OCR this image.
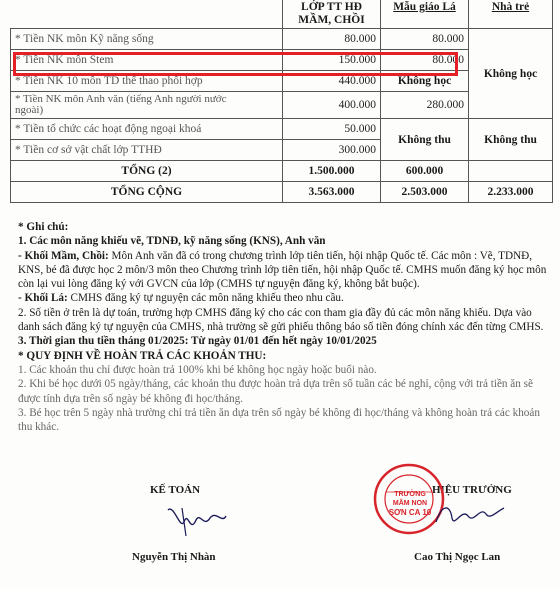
	LỚP TT HĐ
MẦM, CHỒI	Mẫu giáo Lá	Nhà trẻ
* Tiền NK môn Kỹ năng sống	80.000	80.000	Không học
* Tiền NK môn Stem	150.000	80.000	
* Tiền NK 10 môn TD thể thao phối hợp	440.000	Không học	

* Tiền NK môn Anh văn (tiếng Anh người nước
ngoài)	400.000	280.000	
* Tiền tổ chức các hoạt động ngoại khoá	50.000	Không thu	Không thu
* Tiền cơ sở vật chất lớp TTHĐ	300.000		
TỔNG (2)	1.500.000	600.000	
TỔNG CỘNG	3.563.000	2.503.000	2.233.000

* Ghi chú:

1. Các môn năng khiếu vẽ, TDNĐ, kỹ năng sống (KNS), Anh văn

- Khối Mầm, Chồi: Môn Anh văn đã có trong chương trình lớp tiên tiến, hội nhập Quốc tế. Các môn : Vẽ, TDNĐ, KNS, bé đã được học 2 môn/3 môn theo Chương trình lớp tiên tiến, hội nhập Quốc tế. CMHS muốn đăng ký học môn còn lại vui lòng đăng ký với GVCN của lớp (CMHS tự nguyện đăng ký, không bắt buộc).

- Khối Lá: CMHS đăng ký tự nguyện các môn năng khiếu theo nhu cầu.

2. Số tiền ở trên là dự toán, trường hợp CMHS đăng ký cho các con tham gia đầy đủ các môn năng khiếu. Dựa vào danh sách đăng ký tự nguyện của CMHS, nhà trường sẽ gửi phiếu thông báo số tiền đóng chính xác đến từng CMHS.

3. Thời gian thu tiền tháng 01/2025: Từ ngày 01/01 đến hết ngày 10/01/2025

* QUY ĐỊNH VỀ HOÀN TRẢ CÁC KHOẢN THU:

1. Các khoản thu chỉ được hoàn trả 100% khi bé không học ngày hoặc buổi nào.

2. Khi bé học dưới 05 ngày/tháng, các khoản thu được hoàn trả dựa trên số tuần các bé nghỉ, cộng với trả tiền ăn sẽ được tính dựa trên số ngày bé không đi học/tháng.

3. Bé học trên 5 ngày nhà trường chỉ trả tiền ăn dựa trên số ngày bé không đi học/tháng và không hoàn trả các khoản thu khác.

KẾ TOÁN
Nguyễn Thị Nhàn
HIỆU TRƯỞNG
TRƯỜNG
MẦM NON
SƠN CA 10
Cao Thị Ngọc Lan
